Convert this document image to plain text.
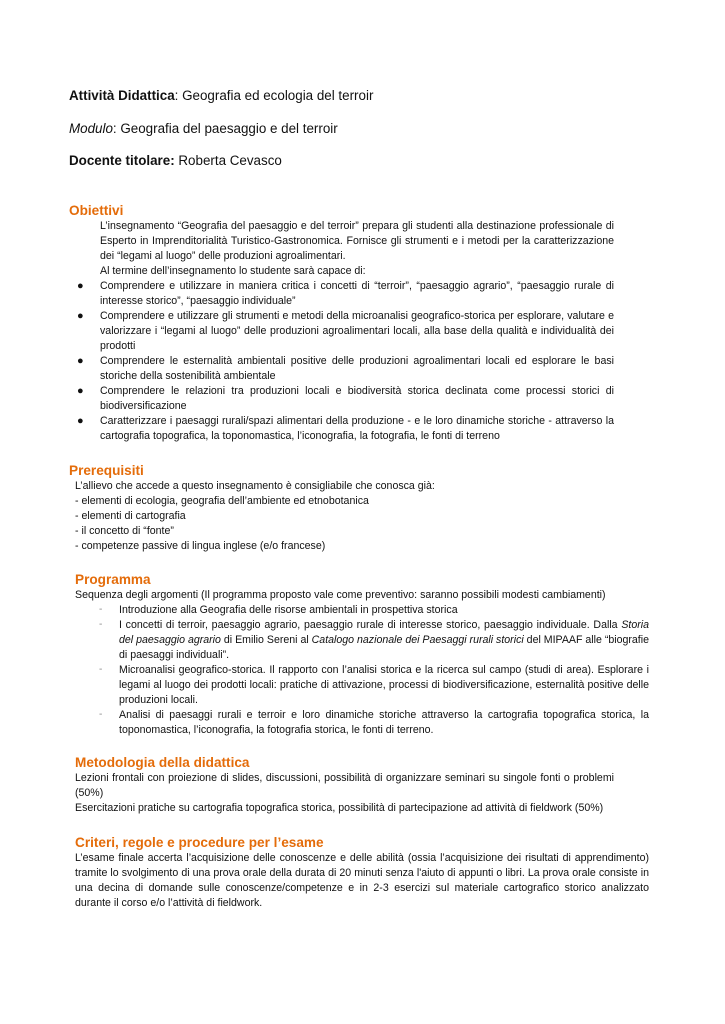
Attività Didattica: Geografia ed ecologia del terroir
Modulo: Geografia del paesaggio e del terroir
Docente titolare: Roberta Cevasco
Obiettivi

L’insegnamento “Geografia del paesaggio e del terroir” prepara gli studenti alla destinazione professionale di Esperto in Imprenditorialità Turistico-Gastronomica. Fornisce gli strumenti e i metodi per la caratterizzazione dei “legami al luogo” delle produzioni agroalimentari.

Al termine dell’insegnamento lo studente sarà capace di:

● Comprendere e utilizzare in maniera critica i concetti di “terroir”, “paesaggio agrario”, “paesaggio rurale di interesse storico”, “paesaggio individuale”
● Comprendere e utilizzare gli strumenti e metodi della microanalisi geografico-storica per esplorare, valutare e valorizzare i “legami al luogo” delle produzioni agroalimentari locali, alla base della qualità e individualità dei prodotti
● Comprendere le esternalità ambientali positive delle produzioni agroalimentari locali ed esplorare le basi storiche della sostenibilità ambientale
● Comprendere le relazioni tra produzioni locali e biodiversità storica declinata come processi storici di biodiversificazione
● Caratterizzare i paesaggi rurali/spazi alimentari della produzione - e le loro dinamiche storiche - attraverso la cartografia topografica, la toponomastica, l’iconografia, la fotografia, le fonti di terreno
Prerequisiti
L’allievo che accede a questo insegnamento è consigliabile che conosca già:
- elementi di ecologia, geografia dell’ambiente ed etnobotanica
- elementi di cartografia
- il concetto di “fonte”
- competenze passive di lingua inglese (e/o francese)
Programma
Sequenza degli argomenti (Il programma proposto vale come preventivo: saranno possibili modesti cambiamenti)
- Introduzione alla Geografia delle risorse ambientali in prospettiva storica
- I concetti di terroir, paesaggio agrario, paesaggio rurale di interesse storico, paesaggio individuale. Dalla Storia del paesaggio agrario di Emilio Sereni al Catalogo nazionale dei Paesaggi rurali storici del MIPAAF alle “biografie di paesaggi individuali”.
- Microanalisi geografico-storica. Il rapporto con l’analisi storica e la ricerca sul campo (studi di area). Esplorare i legami al luogo dei prodotti locali: pratiche di attivazione, processi di biodiversificazione, esternalità positive delle produzioni locali.
- Analisi di paesaggi rurali e terroir e loro dinamiche storiche attraverso la cartografia topografica storica, la toponomastica, l’iconografia, la fotografia storica, le fonti di terreno.
Metodologia della didattica

Lezioni frontali con proiezione di slides, discussioni, possibilità di organizzare seminari su singole fonti o problemi (50%)

Esercitazioni pratiche su cartografia topografica storica, possibilità di partecipazione ad attività di fieldwork (50%)

Criteri, regole e procedure per l’esame

L’esame finale accerta l’acquisizione delle conoscenze e delle abilità (ossia l’acquisizione dei risultati di apprendimento) tramite lo svolgimento di una prova orale della durata di 20 minuti senza l'aiuto di appunti o libri. La prova orale consiste in una decina di domande sulle conoscenze/competenze e in 2-3 esercizi sul materiale cartografico storico analizzato durante il corso e/o l’attività di fieldwork.
